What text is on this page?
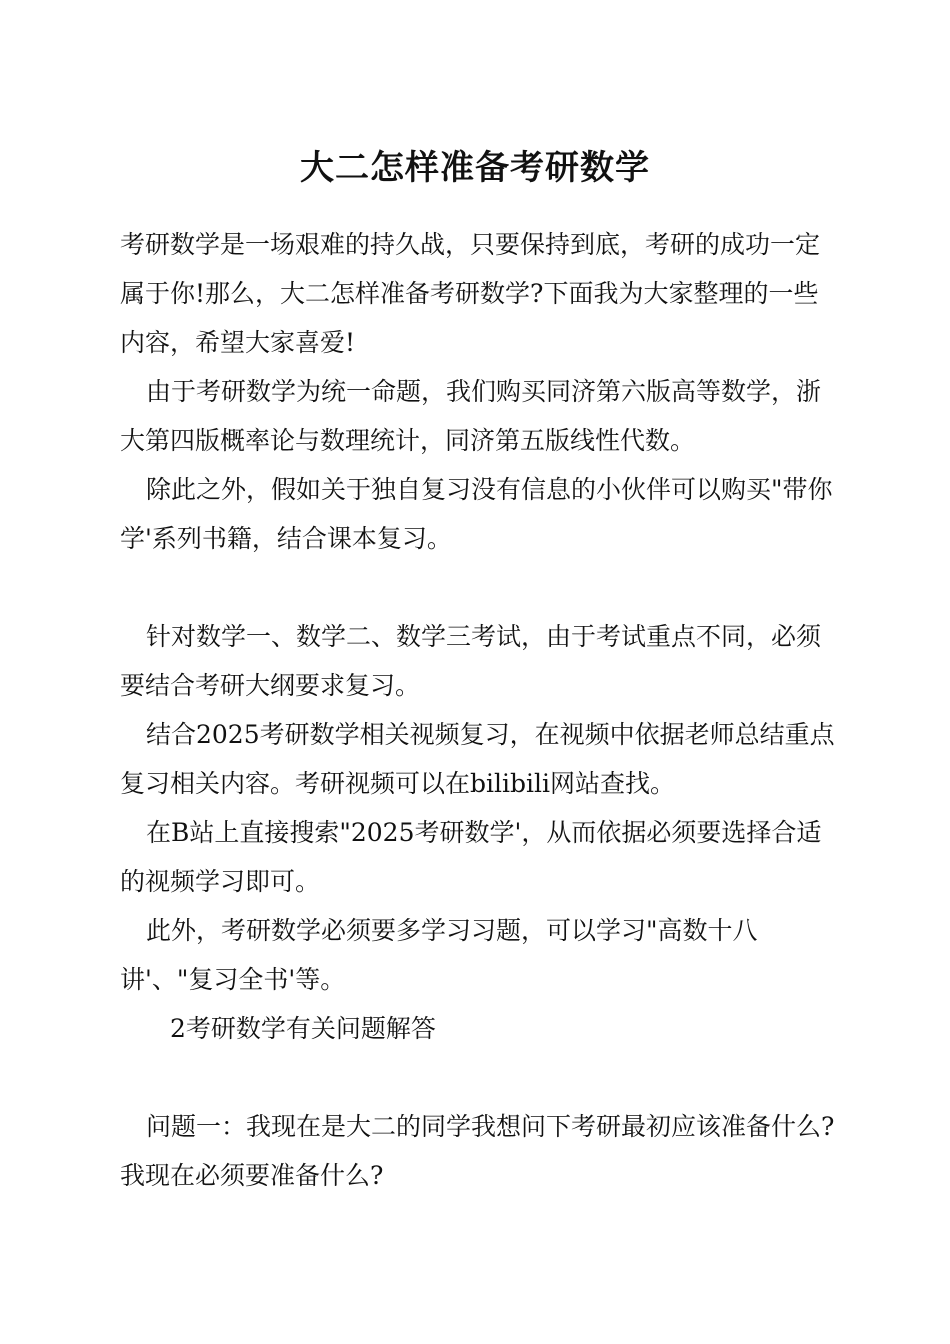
大二怎样准备考研数学

考研数学是一场艰难的持久战，只要保持到底，考研的成功一定属于你!那么，大二怎样准备考研数学?下面我为大家整理的一些内容，希望大家喜爱!

由于考研数学为统一命题，我们购买同济第六版高等数学，浙大第四版概率论与数理统计，同济第五版线性代数。

除此之外，假如关于独自复习没有信息的小伙伴可以购买"带你学'系列书籍，结合课本复习。

针对数学一、数学二、数学三考试，由于考试重点不同，必须要结合考研大纲要求复习。

结合2025考研数学相关视频复习，在视频中依据老师总结重点复习相关内容。考研视频可以在bilibili网站查找。

在B站上直接搜索"2025考研数学'，从而依据必须要选择合适的视频学习即可。

此外，考研数学必须要多学习习题，可以学习"高数十八讲'、"复习全书'等。

2考研数学有关问题解答

问题一：我现在是大二的同学我想问下考研最初应该准备什么?我现在必须要准备什么?
